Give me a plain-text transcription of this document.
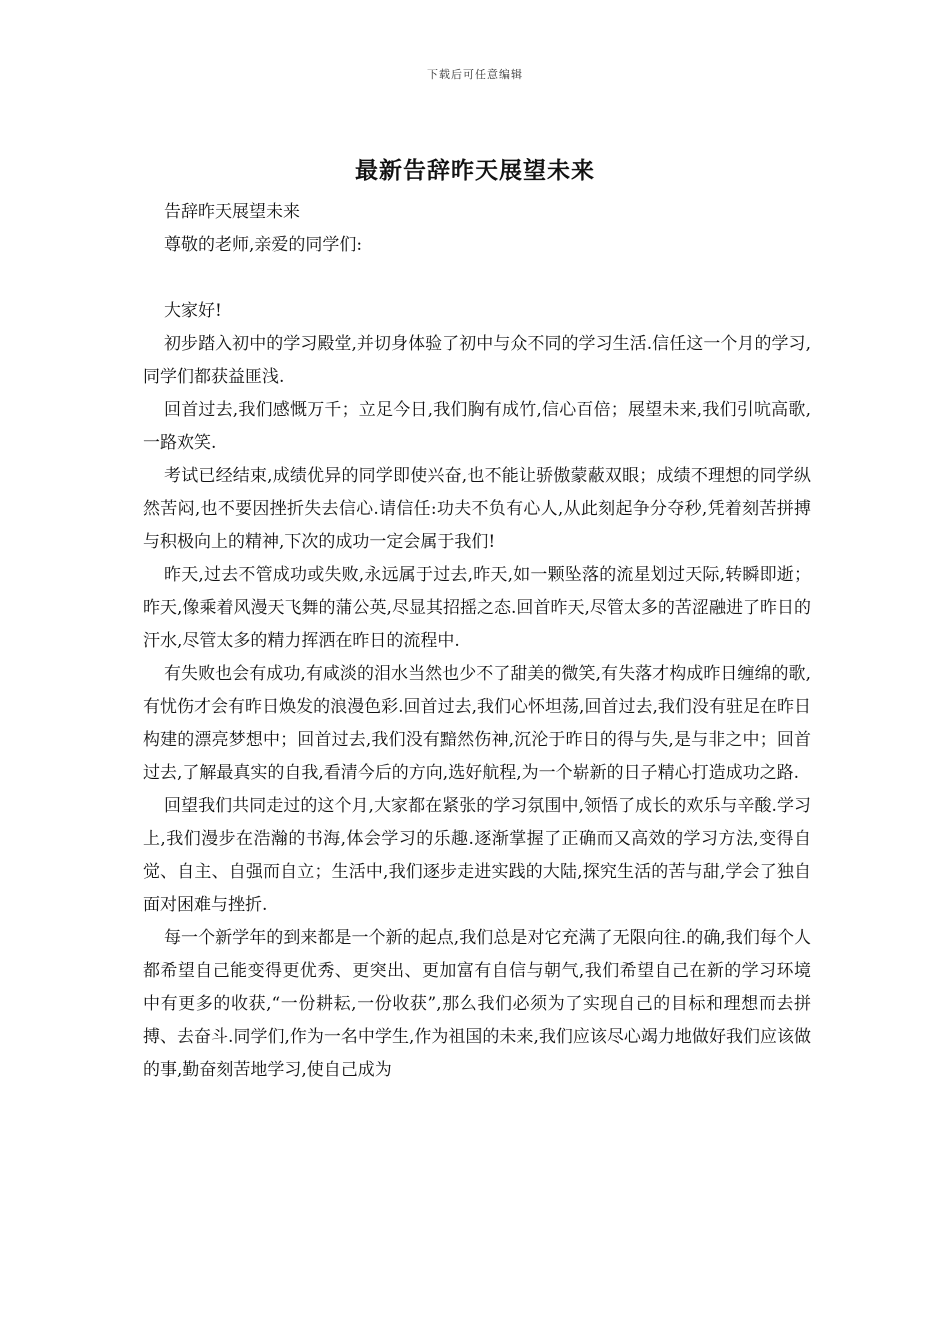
下载后可任意编辑
最新告辞昨天展望未来

告辞昨天展望未来

尊敬的老师,亲爱的同学们:

大家好!

初步踏入初中的学习殿堂,并切身体验了初中与众不同的学习生活.信任这一个月的学习,同学们都获益匪浅.

回首过去,我们感慨万千；立足今日,我们胸有成竹,信心百倍；展望未来,我们引吭高歌,一路欢笑.

考试已经结束,成绩优异的同学即使兴奋,也不能让骄傲蒙蔽双眼；成绩不理想的同学纵然苦闷,也不要因挫折失去信心.请信任:功夫不负有心人,从此刻起争分夺秒,凭着刻苦拼搏与积极向上的精神,下次的成功一定会属于我们!

昨天,过去不管成功或失败,永远属于过去,昨天,如一颗坠落的流星划过天际,转瞬即逝；昨天,像乘着风漫天飞舞的蒲公英,尽显其招摇之态.回首昨天,尽管太多的苦涩融进了昨日的汗水,尽管太多的精力挥洒在昨日的流程中.

有失败也会有成功,有咸淡的泪水当然也少不了甜美的微笑,有失落才构成昨日缠绵的歌,有忧伤才会有昨日焕发的浪漫色彩.回首过去,我们心怀坦荡,回首过去,我们没有驻足在昨日构建的漂亮梦想中；回首过去,我们没有黯然伤神,沉沦于昨日的得与失,是与非之中；回首过去,了解最真实的自我,看清今后的方向,选好航程,为一个崭新的日子精心打造成功之路.

回望我们共同走过的这个月,大家都在紧张的学习氛围中,领悟了成长的欢乐与辛酸.学习上,我们漫步在浩瀚的书海,体会学习的乐趣.逐渐掌握了正确而又高效的学习方法,变得自觉、自主、自强而自立；生活中,我们逐步走进实践的大陆,探究生活的苦与甜,学会了独自面对困难与挫折.

每一个新学年的到来都是一个新的起点,我们总是对它充满了无限向往.的确,我们每个人都希望自己能变得更优秀、更突出、更加富有自信与朝气,我们希望自己在新的学习环境中有更多的收获,“一份耕耘,一份收获”,那么我们必须为了实现自己的目标和理想而去拼搏、去奋斗.同学们,作为一名中学生,作为祖国的未来,我们应该尽心竭力地做好我们应该做的事,勤奋刻苦地学习,使自己成为
